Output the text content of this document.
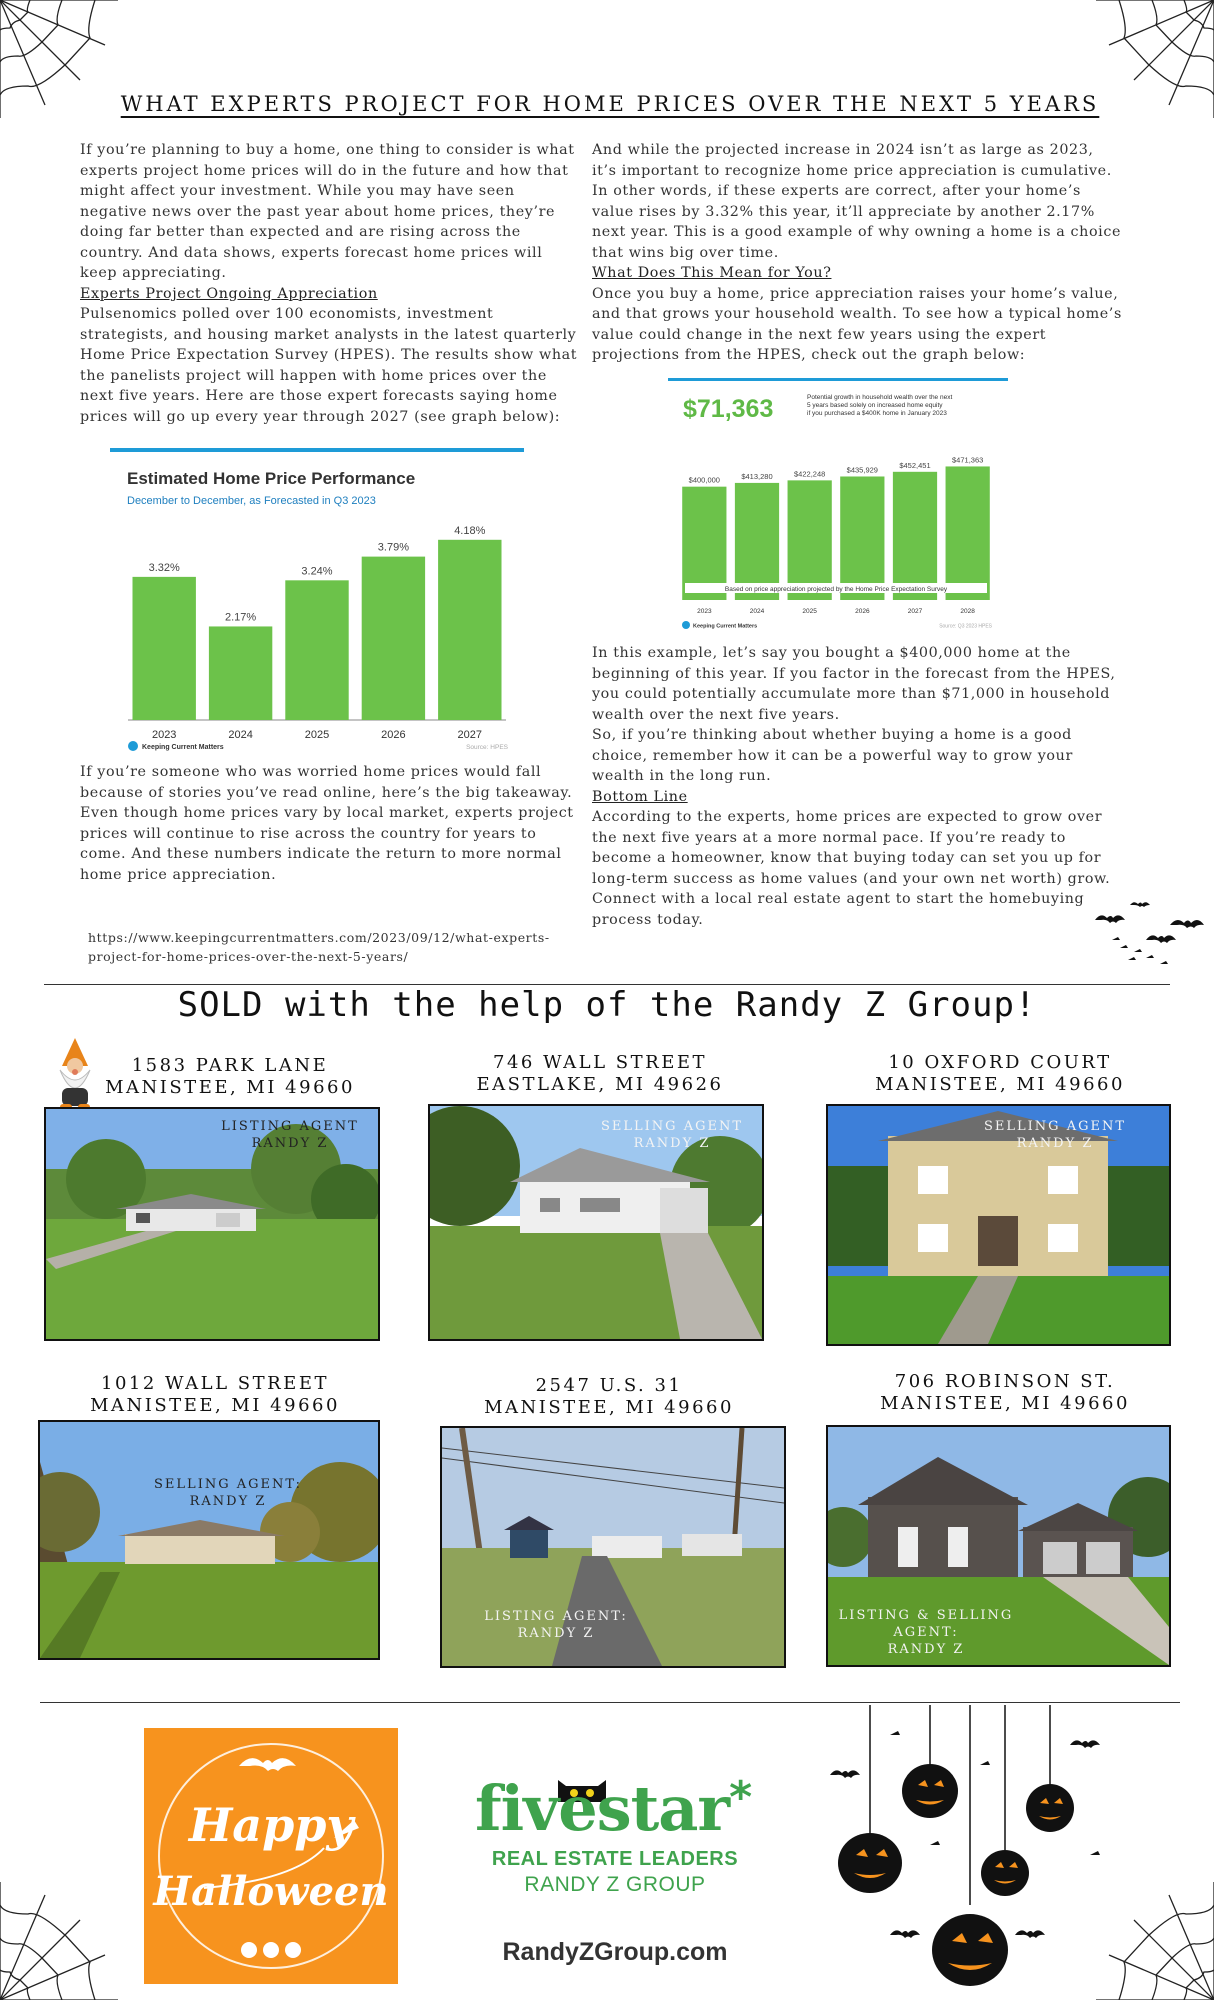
WHAT EXPERTS PROJECT FOR HOME PRICES OVER THE NEXT 5 YEARS

If you’re planning to buy a home, one thing to consider is what experts project home prices will do in the future and how that might affect your investment. While you may have seen negative news over the past year about home prices, they’re doing far better than expected and are rising across the country. And data shows, experts forecast home prices will keep appreciating.

Experts Project Ongoing Appreciation

Pulsenomics polled over 100 economists, investment strategists, and housing market analysts in the latest quarterly Home Price Expectation Survey (HPES). The results show what the panelists project will happen with home prices over the next five years. Here are those expert forecasts saying home prices will go up every year through 2027 (see graph below):

Estimated Home Price Performance
December to December, as Forecasted in Q3 2023
3.32%
2023
2.17%
2024
3.24%
2025
3.79%
2026
4.18%
2027
Keeping Current Matters	Source: HPES

If you’re someone who was worried home prices would fall because of stories you’ve read online, here’s the big takeaway. Even though home prices vary by local market, experts project prices will continue to rise across the country for years to come. And these numbers indicate the return to more normal home price appreciation.

https://www.keepingcurrentmatters.com/2023/09/12/what-experts-project-for-home-prices-over-the-next-5-years/

And while the projected increase in 2024 isn’t as large as 2023, it’s important to recognize home price appreciation is cumulative. In other words, if these experts are correct, after your home’s value rises by 3.32% this year, it’ll appreciate by another 2.17% next year. This is a good example of why owning a home is a choice that wins big over time.

What Does This Mean for You?

Once you buy a home, price appreciation raises your home’s value, and that grows your household wealth. To see how a typical home’s value could change in the next few years using the expert projections from the HPES, check out the graph below:

$71,363	Potential growth in household wealth over the next
5 years based solely on increased home equity
if you purchased a $400K home in January 2023
$400,000
2023
$413,280
2024
$422,248
2025
$435,929
2026
$452,451
2027
$471,363
2028
Based on price appreciation projected by the Home Price Expectation Survey
Keeping Current Matters	Source: Q3 2023 HPES

In this example, let’s say you bought a $400,000 home at the beginning of this year. If you factor in the forecast from the HPES, you could potentially accumulate more than $71,000 in household wealth over the next five years.

So, if you’re thinking about whether buying a home is a good choice, remember how it can be a powerful way to grow your wealth in the long run.

Bottom Line

According to the experts, home prices are expected to grow over the next five years at a more normal pace. If you’re ready to become a homeowner, know that buying today can set you up for long-term success as home values (and your own net worth) grow. Connect with a local real estate agent to start the homebuying process today.

SOLD with the help of the Randy Z Group!
1583 PARK LANE
MANISTEE, MI 49660
746 WALL STREET
EASTLAKE, MI 49626
10 OXFORD COURT
MANISTEE, MI 49660
LISTING AGENT
RANDY Z
SELLING AGENT
RANDY Z
SELLING AGENT
RANDY Z
1012 WALL STREET
MANISTEE, MI 49660
2547 U.S. 31
MANISTEE, MI 49660
706 ROBINSON ST.
MANISTEE, MI 49660
SELLING AGENT:
RANDY Z
LISTING AGENT:
RANDY Z
LISTING & SELLING
AGENT:
RANDY Z
Happy
Halloween
fivestar*
REAL ESTATE LEADERS
RANDY Z GROUP
RandyZGroup.com
